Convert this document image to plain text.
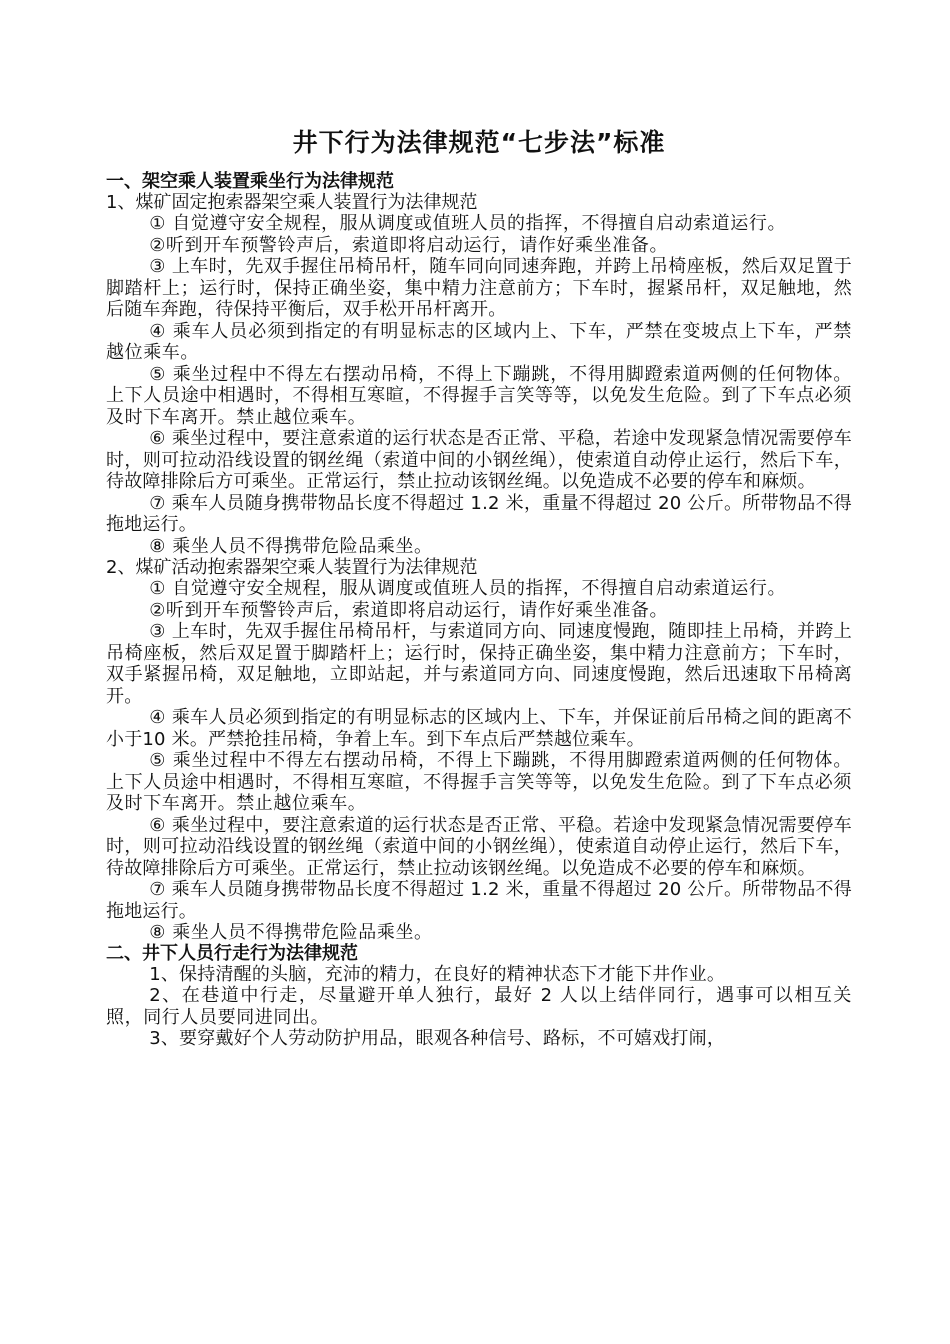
井下行为法律规范“七步法”标准

一、架空乘人装置乘坐行为法律规范

1、煤矿固定抱索器架空乘人装置行为法律规范

① 自觉遵守安全规程，服从调度或值班人员的指挥，不得擅自启动索道运行。

②听到开车预警铃声后，索道即将启动运行，请作好乘坐准备。

③ 上车时，先双手握住吊椅吊杆，随车同向同速奔跑，并跨上吊椅座板，然后双足置于脚踏杆上；运行时，保持正确坐姿，集中精力注意前方；下车时，握紧吊杆，双足触地，然后随车奔跑，待保持平衡后，双手松开吊杆离开。

④ 乘车人员必须到指定的有明显标志的区域内上、下车，严禁在变坡点上下车，严禁越位乘车。

⑤ 乘坐过程中不得左右摆动吊椅，不得上下蹦跳，不得用脚蹬索道两侧的任何物体。上下人员途中相遇时，不得相互寒暄，不得握手言笑等等，以免发生危险。到了下车点必须及时下车离开。禁止越位乘车。

⑥ 乘坐过程中，要注意索道的运行状态是否正常、平稳，若途中发现紧急情况需要停车时，则可拉动沿线设置的钢丝绳（索道中间的小钢丝绳），使索道自动停止运行，然后下车，待故障排除后方可乘坐。正常运行，禁止拉动该钢丝绳。以免造成不必要的停车和麻烦。

⑦ 乘车人员随身携带物品长度不得超过 1.2 米，重量不得超过 20 公斤。所带物品不得拖地运行。

⑧ 乘坐人员不得携带危险品乘坐。

2、煤矿活动抱索器架空乘人装置行为法律规范

① 自觉遵守安全规程，服从调度或值班人员的指挥，不得擅自启动索道运行。

②听到开车预警铃声后，索道即将启动运行，请作好乘坐准备。

③ 上车时，先双手握住吊椅吊杆，与索道同方向、同速度慢跑，随即挂上吊椅，并跨上吊椅座板，然后双足置于脚踏杆上；运行时，保持正确坐姿，集中精力注意前方；下车时，双手紧握吊椅，双足触地，立即站起，并与索道同方向、同速度慢跑，然后迅速取下吊椅离开。

④ 乘车人员必须到指定的有明显标志的区域内上、下车，并保证前后吊椅之间的距离不小于10 米。严禁抢挂吊椅，争着上车。到下车点后严禁越位乘车。

⑤ 乘坐过程中不得左右摆动吊椅，不得上下蹦跳，不得用脚蹬索道两侧的任何物体。上下人员途中相遇时，不得相互寒暄，不得握手言笑等等，以免发生危险。到了下车点必须及时下车离开。禁止越位乘车。

⑥ 乘坐过程中，要注意索道的运行状态是否正常、平稳。若途中发现紧急情况需要停车时，则可拉动沿线设置的钢丝绳（索道中间的小钢丝绳），使索道自动停止运行，然后下车，待故障排除后方可乘坐。正常运行，禁止拉动该钢丝绳。以免造成不必要的停车和麻烦。

⑦ 乘车人员随身携带物品长度不得超过 1.2 米，重量不得超过 20 公斤。所带物品不得拖地运行。

⑧ 乘坐人员不得携带危险品乘坐。

二、井下人员行走行为法律规范

1、保持清醒的头脑，充沛的精力，在良好的精神状态下才能下井作业。

2、在巷道中行走，尽量避开单人独行，最好 2 人以上结伴同行，遇事可以相互关照，同行人员要同进同出。

3、要穿戴好个人劳动防护用品，眼观各种信号、路标，不可嬉戏打闹，
